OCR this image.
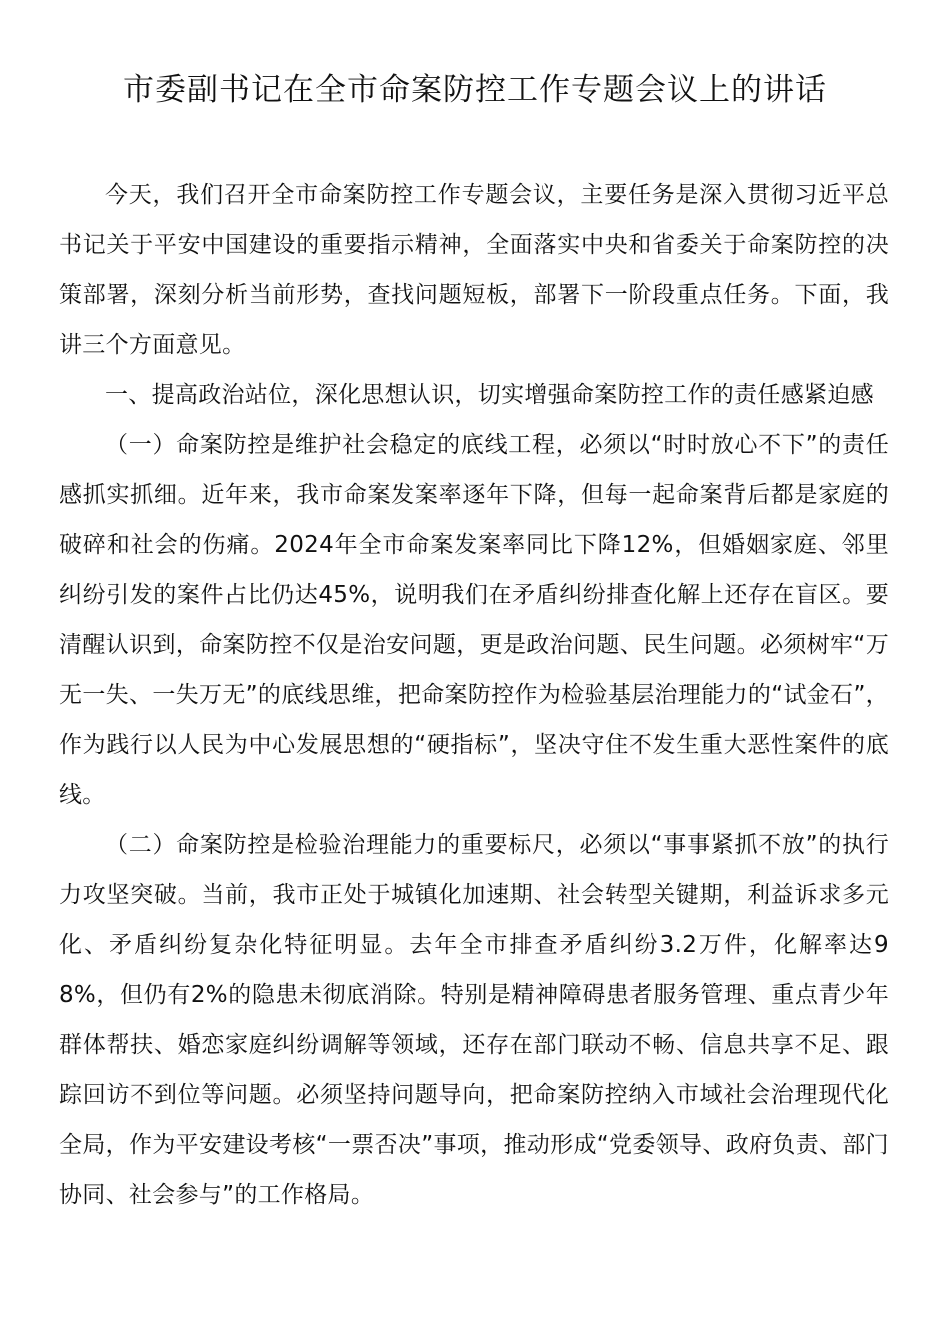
市委副书记在全市命案防控工作专题会议上的讲话

今天，我们召开全市命案防控工作专题会议，主要任务是深入贯彻习近平总书记关于平安中国建设的重要指示精神，全面落实中央和省委关于命案防控的决策部署，深刻分析当前形势，查找问题短板，部署下一阶段重点任务。下面，我讲三个方面意见。

一、提高政治站位，深化思想认识，切实增强命案防控工作的责任感紧迫感

（一）命案防控是维护社会稳定的底线工程，必须以“时时放心不下”的责任感抓实抓细。近年来，我市命案发案率逐年下降，但每一起命案背后都是家庭的破碎和社会的伤痛。2024年全市命案发案率同比下降12%，但婚姻家庭、邻里纠纷引发的案件占比仍达45%，说明我们在矛盾纠纷排查化解上还存在盲区。要清醒认识到，命案防控不仅是治安问题，更是政治问题、民生问题。必须树牢“万无一失、一失万无”的底线思维，把命案防控作为检验基层治理能力的“试金石”，作为践行以人民为中心发展思想的“硬指标”，坚决守住不发生重大恶性案件的底线。

（二）命案防控是检验治理能力的重要标尺，必须以“事事紧抓不放”的执行力攻坚突破。当前，我市正处于城镇化加速期、社会转型关键期，利益诉求多元化、矛盾纠纷复杂化特征明显。去年全市排查矛盾纠纷3.2万件，化解率达98%，但仍有2%的隐患未彻底消除。特别是精神障碍患者服务管理、重点青少年群体帮扶、婚恋家庭纠纷调解等领域，还存在部门联动不畅、信息共享不足、跟踪回访不到位等问题。必须坚持问题导向，把命案防控纳入市域社会治理现代化全局，作为平安建设考核“一票否决”事项，推动形成“党委领导、政府负责、部门协同、社会参与”的工作格局。
